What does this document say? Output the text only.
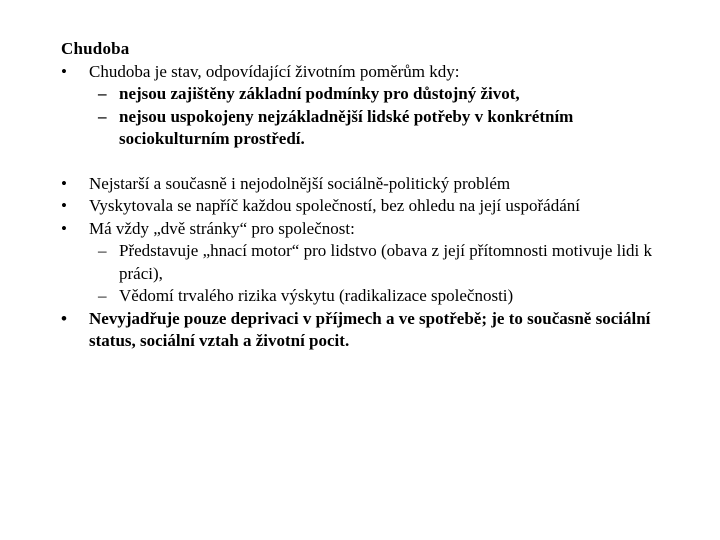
Chudoba
• Chudoba je stav, odpovídající životním poměrům kdy:
– nejsou zajištěny základní podmínky pro důstojný život,
– nejsou uspokojeny nejzákladnější lidské potřeby v konkrétním sociokulturním prostředí.
• Nejstarší a současně i nejodolnější sociálně-politický problém
• Vyskytovala se napříč každou společností, bez ohledu na její uspořádání
• Má vždy „dvě stránky“ pro společnost:
– Představuje „hnací motor“ pro lidstvo (obava z její přítomnosti motivuje lidi k práci),
– Vědomí trvalého rizika výskytu (radikalizace společnosti)
• Nevyjadřuje pouze deprivaci v příjmech a ve spotřebě; je to současně sociální status, sociální vztah a životní pocit.
